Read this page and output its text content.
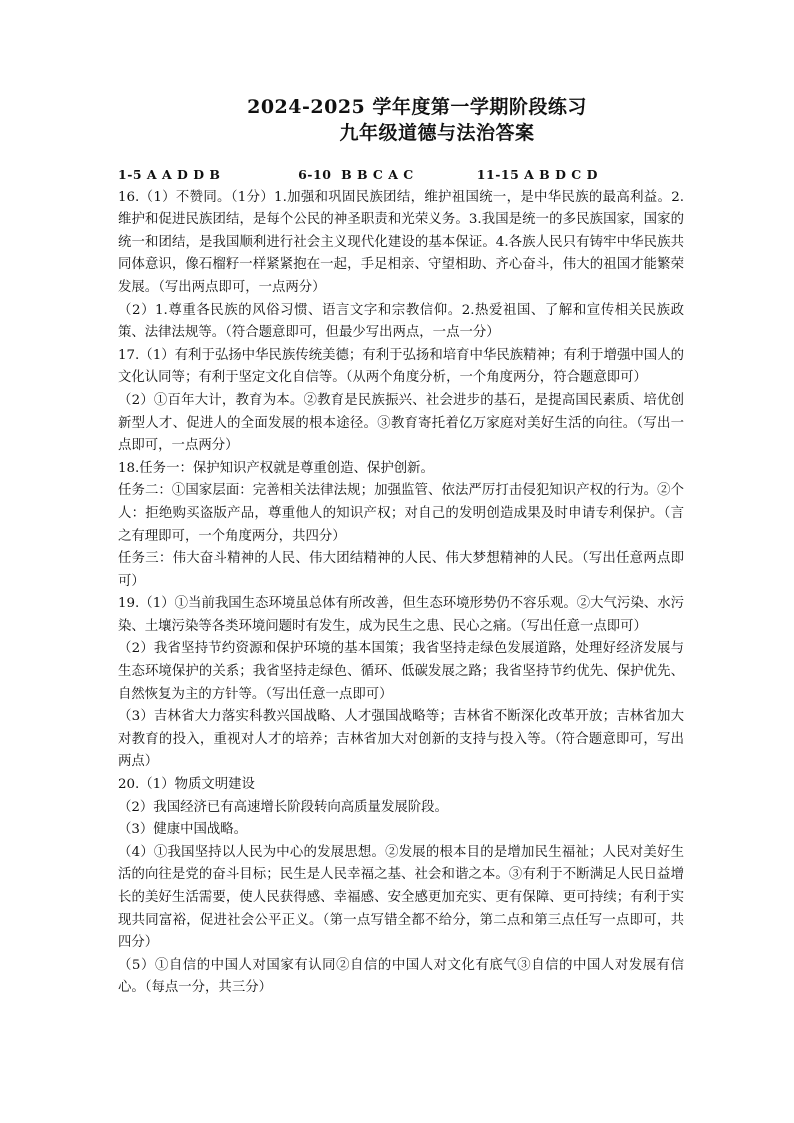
2024-2025 学年度第一学期阶段练习
九年级道德与法治答案
1-5 A A D D B                6-10  B B C A C             11-15 A B D C D

16.（1）不赞同。（1分）1.加强和巩固民族团结，维护祖国统一，是中华民族的最高利益。2.维护和促进民族团结，是每个公民的神圣职责和光荣义务。3.我国是统一的多民族国家，国家的统一和团结，是我国顺利进行社会主义现代化建设的基本保证。4.各族人民只有铸牢中华民族共同体意识，像石榴籽一样紧紧抱在一起，手足相亲、守望相助、齐心奋斗，伟大的祖国才能繁荣发展。（写出两点即可，一点两分）

（2）1.尊重各民族的风俗习惯、语言文字和宗教信仰。2.热爱祖国、了解和宣传相关民族政策、法律法规等。（符合题意即可，但最少写出两点，一点一分）

17.（1）有利于弘扬中华民族传统美德；有利于弘扬和培育中华民族精神；有利于增强中国人的文化认同等；有利于坚定文化自信等。（从两个角度分析，一个角度两分，符合题意即可）

（2）①百年大计，教育为本。②教育是民族振兴、社会进步的基石，是提高国民素质、培优创新型人才、促进人的全面发展的根本途径。③教育寄托着亿万家庭对美好生活的向往。（写出一点即可，一点两分）

18.任务一：保护知识产权就是尊重创造、保护创新。

任务二：①国家层面：完善相关法律法规；加强监管、依法严厉打击侵犯知识产权的行为。②个人：拒绝购买盗版产品，尊重他人的知识产权；对自己的发明创造成果及时申请专利保护。（言之有理即可，一个角度两分，共四分）

任务三：伟大奋斗精神的人民、伟大团结精神的人民、伟大梦想精神的人民。（写出任意两点即可）

19.（1）①当前我国生态环境虽总体有所改善，但生态环境形势仍不容乐观。②大气污染、水污染、土壤污染等各类环境问题时有发生，成为民生之患、民心之痛。（写出任意一点即可）

（2）我省坚持节约资源和保护环境的基本国策；我省坚持走绿色发展道路，处理好经济发展与生态环境保护的关系；我省坚持走绿色、循环、低碳发展之路；我省坚持节约优先、保护优先、自然恢复为主的方针等。（写出任意一点即可）

（3）吉林省大力落实科教兴国战略、人才强国战略等；吉林省不断深化改革开放；吉林省加大对教育的投入，重视对人才的培养；吉林省加大对创新的支持与投入等。（符合题意即可，写出两点）

20.（1）物质文明建设

（2）我国经济已有高速增长阶段转向高质量发展阶段。

（3）健康中国战略。

（4）①我国坚持以人民为中心的发展思想。②发展的根本目的是增加民生福祉；人民对美好生活的向往是党的奋斗目标；民生是人民幸福之基、社会和谐之本。③有利于不断满足人民日益增长的美好生活需要，使人民获得感、幸福感、安全感更加充实、更有保障、更可持续；有利于实现共同富裕，促进社会公平正义。（第一点写错全都不给分，第二点和第三点任写一点即可，共四分）

（5）①自信的中国人对国家有认同②自信的中国人对文化有底气③自信的中国人对发展有信心。（每点一分，共三分）
